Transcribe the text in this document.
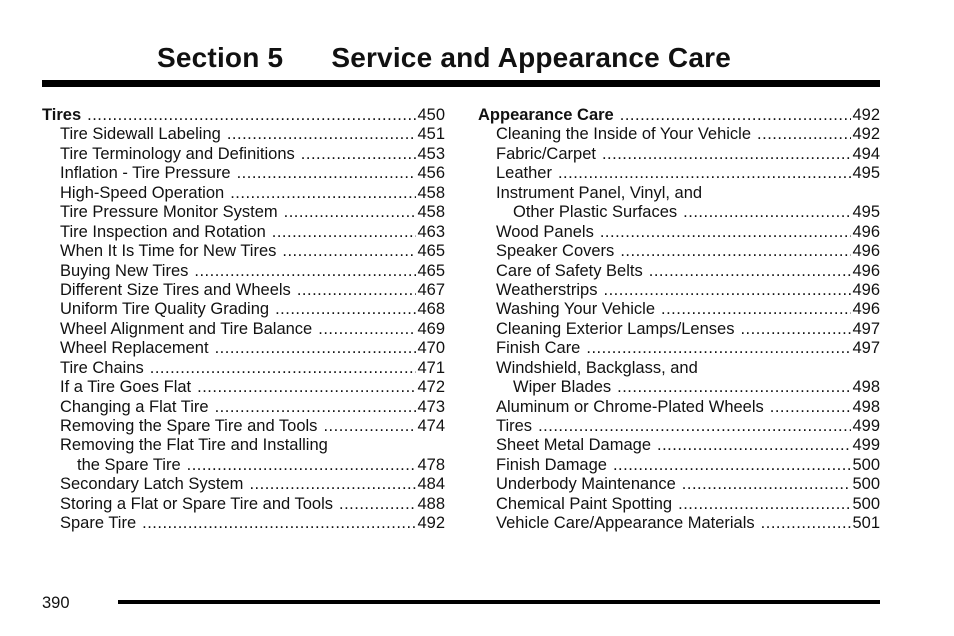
Section 5 Service and Appearance Care
Tires .....	450
Tire Sidewall Labeling .....	451
Tire Terminology and Definitions .....	453
Inflation - Tire Pressure .....	456
High-Speed Operation .....	458
Tire Pressure Monitor System .....	458
Tire Inspection and Rotation .....	463
When It Is Time for New Tires .....	465
Buying New Tires .....	465
Different Size Tires and Wheels .....	467
Uniform Tire Quality Grading .....	468
Wheel Alignment and Tire Balance .....	469
Wheel Replacement .....	470
Tire Chains .....	471
If a Tire Goes Flat .....	472
Changing a Flat Tire .....	473
Removing the Spare Tire and Tools .....	474
Removing the Flat Tire and Installing
the Spare Tire .....	478
Secondary Latch System .....	484
Storing a Flat or Spare Tire and Tools .....	488
Spare Tire .....	492
Appearance Care .....	492
Cleaning the Inside of Your Vehicle .....	492
Fabric/Carpet .....	494
Leather .....	495
Instrument Panel, Vinyl, and
Other Plastic Surfaces .....	495
Wood Panels .....	496
Speaker Covers .....	496
Care of Safety Belts .....	496
Weatherstrips .....	496
Washing Your Vehicle .....	496
Cleaning Exterior Lamps/Lenses .....	497
Finish Care .....	497
Windshield, Backglass, and
Wiper Blades .....	498
Aluminum or Chrome-Plated Wheels .....	498
Tires .....	499
Sheet Metal Damage .....	499
Finish Damage .....	500
Underbody Maintenance .....	500
Chemical Paint Spotting .....	500
Vehicle Care/Appearance Materials .....	501
390
